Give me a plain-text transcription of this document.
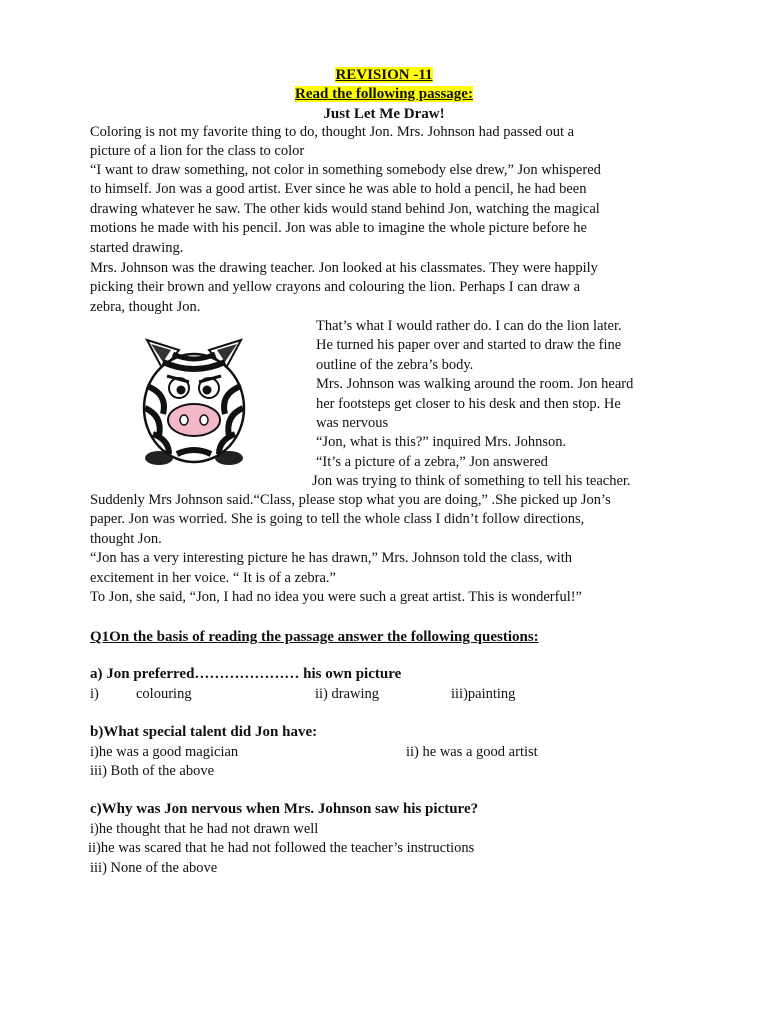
REVISION -11
Read the following passage:
Just Let Me Draw!

Coloring is not my favorite thing to do, thought Jon. Mrs. Johnson had passed out a
picture of a lion for the class to color

“I want to draw something, not color in something somebody else drew,” Jon whispered
to himself. Jon was a good artist. Ever since he was able to hold a pencil, he had been
drawing whatever he saw. The other kids would stand behind Jon, watching the magical
motions he made with his pencil. Jon was able to imagine the whole picture before he
started drawing.

Mrs. Johnson was the drawing teacher. Jon looked at his classmates. They were happily
picking their brown and yellow crayons and colouring the lion. Perhaps I can draw a
zebra, thought Jon.

That’s what I would rather do. I can do the lion later.
He turned his paper over and started to draw the fine
outline of the zebra’s body.
Mrs. Johnson was walking around the room. Jon heard
her footsteps get closer to his desk and then stop. He
was nervous
“Jon, what is this?” inquired Mrs. Johnson.
“It’s a picture of a zebra,” Jon answered

Jon was trying to think of something to tell his teacher.

Suddenly Mrs Johnson said.“Class, please stop what you are doing,” .She picked up Jon’s
paper. Jon was worried. She is going to tell the whole class I didn’t follow directions,
thought Jon.
“Jon has a very interesting picture he has drawn,” Mrs. Johnson told the class, with
excitement in her voice. “ It is of a zebra.”
To Jon, she said, “Jon, I had no idea you were such a great artist. This is wonderful!”

Q1On the basis of reading the passage answer the following questions:

a) Jon preferred………………… his own picture

i)	colouring	ii) drawing	iii)painting

b)What special talent did Jon have:

i)he was a good magician	ii) he was a good artist

iii) Both of the above

c)Why was Jon nervous when Mrs. Johnson saw his picture?

i)he thought that he had not drawn well

ii)he was scared that he had not followed the teacher’s instructions

iii) None of the above
